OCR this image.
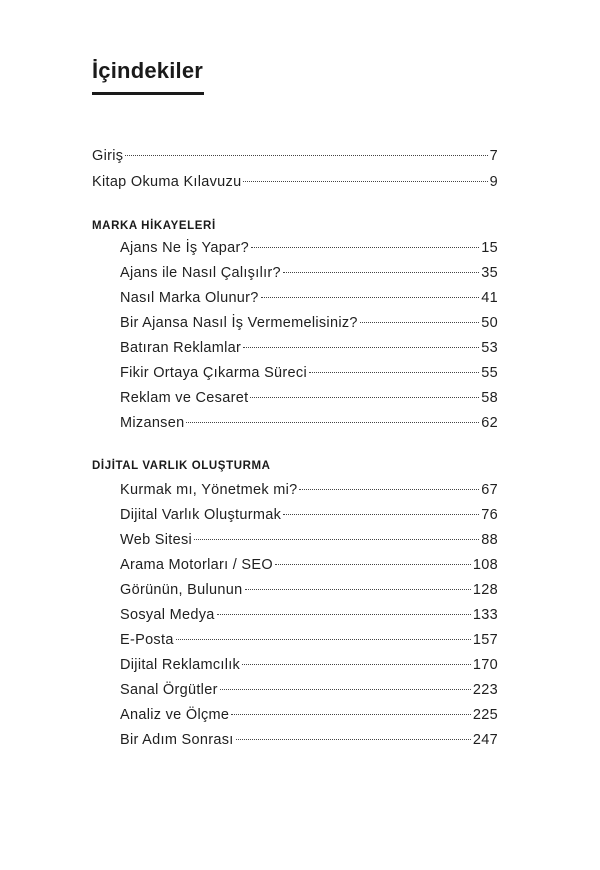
İçindekiler
Giriş	7
Kitap Okuma Kılavuzu	9
MARKA HİKAYELERİ
Ajans Ne İş Yapar?	15
Ajans ile Nasıl Çalışılır?	35
Nasıl Marka Olunur?	41
Bir Ajansa Nasıl İş Vermemelisiniz?	50
Batıran Reklamlar	53
Fikir Ortaya Çıkarma Süreci	55
Reklam ve Cesaret	58
Mizansen	62
DİJİTAL VARLIK OLUŞTURMA
Kurmak mı, Yönetmek mi?	67
Dijital Varlık Oluşturmak	76
Web Sitesi	88
Arama Motorları / SEO	108
Görünün, Bulunun	128
Sosyal Medya	133
E-Posta	157
Dijital Reklamcılık	170
Sanal Örgütler	223
Analiz ve Ölçme	225
Bir Adım Sonrası	247
